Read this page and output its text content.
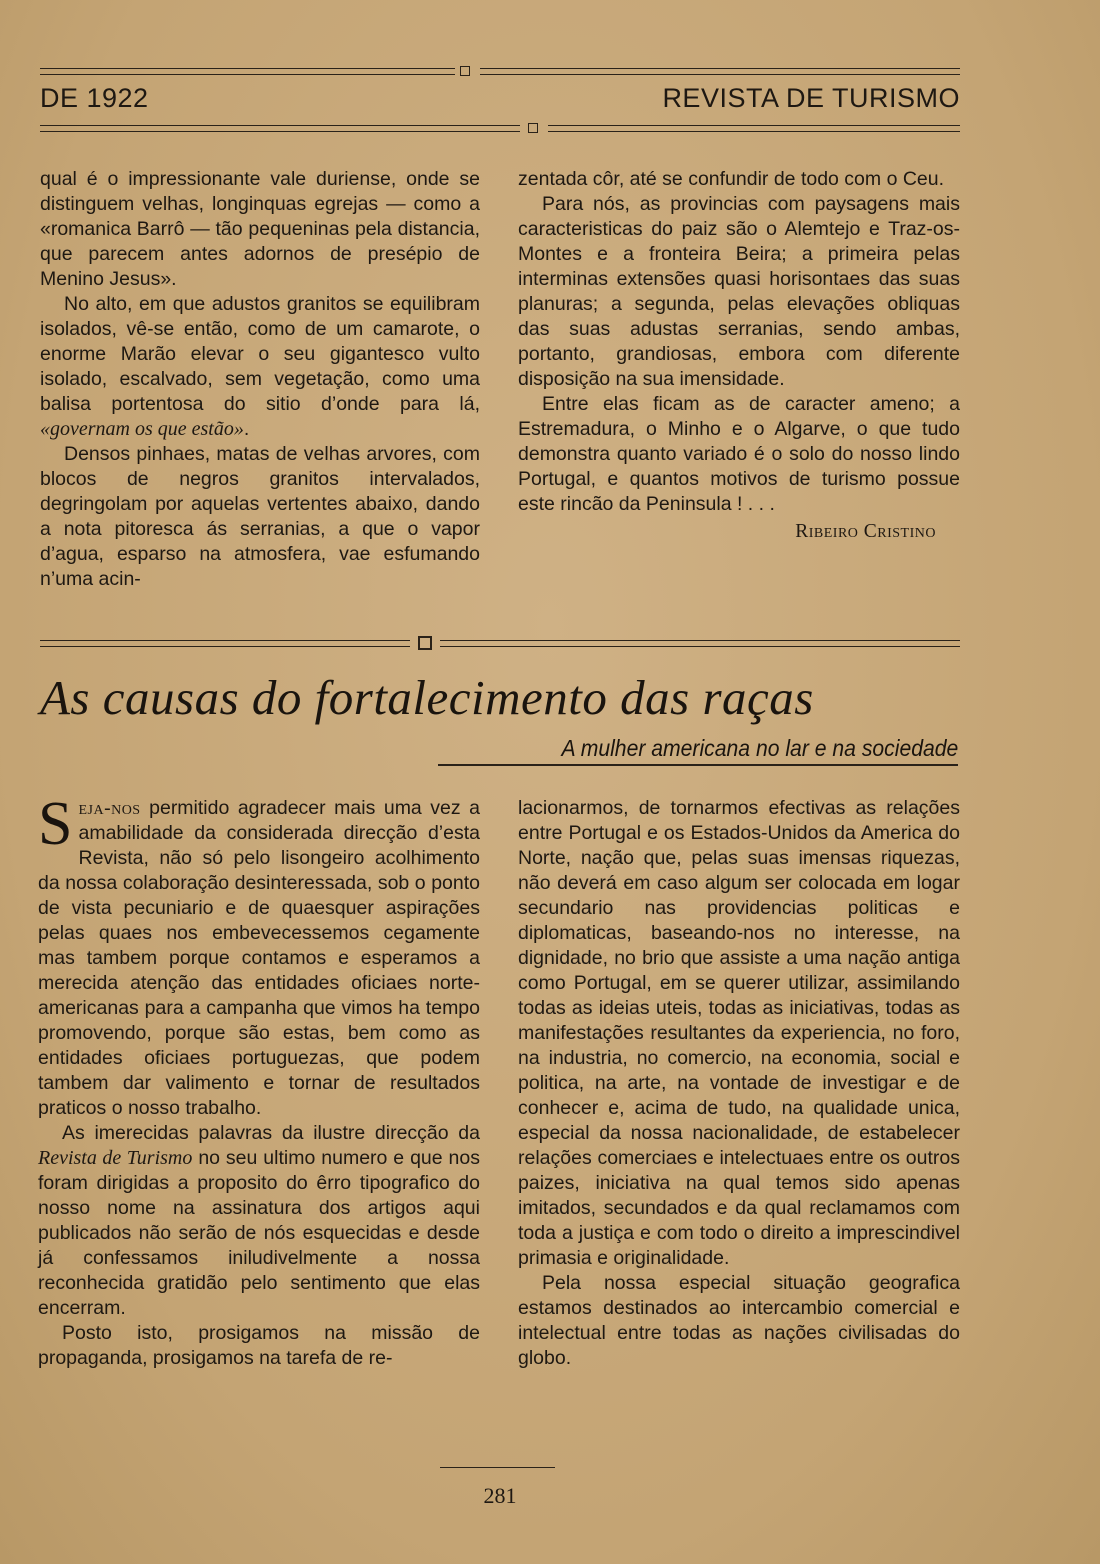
DE 1922	REVISTA DE TURISMO

qual é o impressionante vale duriense, onde se distinguem velhas, longinquas egrejas — como a «romanica Barrô — tão pequeninas pela distancia, que parecem antes adornos de presépio de Menino Jesus».

No alto, em que adustos granitos se equilibram isolados, vê-se então, como de um camarote, o enorme Marão elevar o seu gigantesco vulto isolado, escalvado, sem vegetação, como uma balisa portentosa do sitio d’onde para lá, «governam os que estão».

Densos pinhaes, matas de velhas arvores, com blocos de negros granitos intervalados, degringolam por aquelas vertentes abaixo, dando a nota pitoresca ás serranias, a que o vapor d’agua, esparso na atmosfera, vae esfumando n’uma acin-

zentada côr, até se confundir de todo com o Ceu.

Para nós, as provincias com paysagens mais caracteristicas do paiz são o Alemtejo e Traz-os-Montes e a fronteira Beira; a primeira pelas interminas extensões quasi horisontaes das suas planuras; a segunda, pelas elevações obliquas das suas adustas serranias, sendo ambas, portanto, grandiosas, embora com diferente disposição na sua imensidade.

Entre elas ficam as de caracter ameno; a Estremadura, o Minho e o Algarve, o que tudo demonstra quanto variado é o solo do nosso lindo Portugal, e quantos motivos de turismo possue este rincão da Peninsula ! . . .

Ribeiro Cristino
As causas do fortalecimento das raças
A mulher americana no lar e na sociedade

Seja-nos permitido agradecer mais uma vez a amabilidade da considerada direcção d’esta Revista, não só pelo lisongeiro acolhimento da nossa colaboração desinteressada, sob o ponto de vista pecuniario e de quaesquer aspirações pelas quaes nos embevecessemos cegamente mas tambem porque contamos e esperamos a merecida atenção das entidades oficiaes norte-americanas para a campanha que vimos ha tempo promovendo, porque são estas, bem como as entidades oficiaes portuguezas, que podem tambem dar valimento e tornar de resultados praticos o nosso trabalho.

As imerecidas palavras da ilustre direcção da Revista de Turismo no seu ultimo numero e que nos foram dirigidas a proposito do êrro tipografico do nosso nome na assinatura dos artigos aqui publicados não serão de nós esquecidas e desde já confessamos iniludivelmente a nossa reconhecida gratidão pelo sentimento que elas encerram.

Posto isto, prosigamos na missão de propaganda, prosigamos na tarefa de re-

lacionarmos, de tornarmos efectivas as relações entre Portugal e os Estados-Unidos da America do Norte, nação que, pelas suas imensas riquezas, não deverá em caso algum ser colocada em logar secundario nas providencias politicas e diplomaticas, baseando-nos no interesse, na dignidade, no brio que assiste a uma nação antiga como Portugal, em se querer utilizar, assimilando todas as ideias uteis, todas as iniciativas, todas as manifestações resultantes da experiencia, no foro, na industria, no comercio, na economia, social e politica, na arte, na vontade de investigar e de conhecer e, acima de tudo, na qualidade unica, especial da nossa nacionalidade, de estabelecer relações comerciaes e intelectuaes entre os outros paizes, iniciativa na qual temos sido apenas imitados, secundados e da qual reclamamos com toda a justiça e com todo o direito a imprescindivel primasia e originalidade.

Pela nossa especial situação geografica estamos destinados ao intercambio comercial e intelectual entre todas as nações civilisadas do globo.

281
